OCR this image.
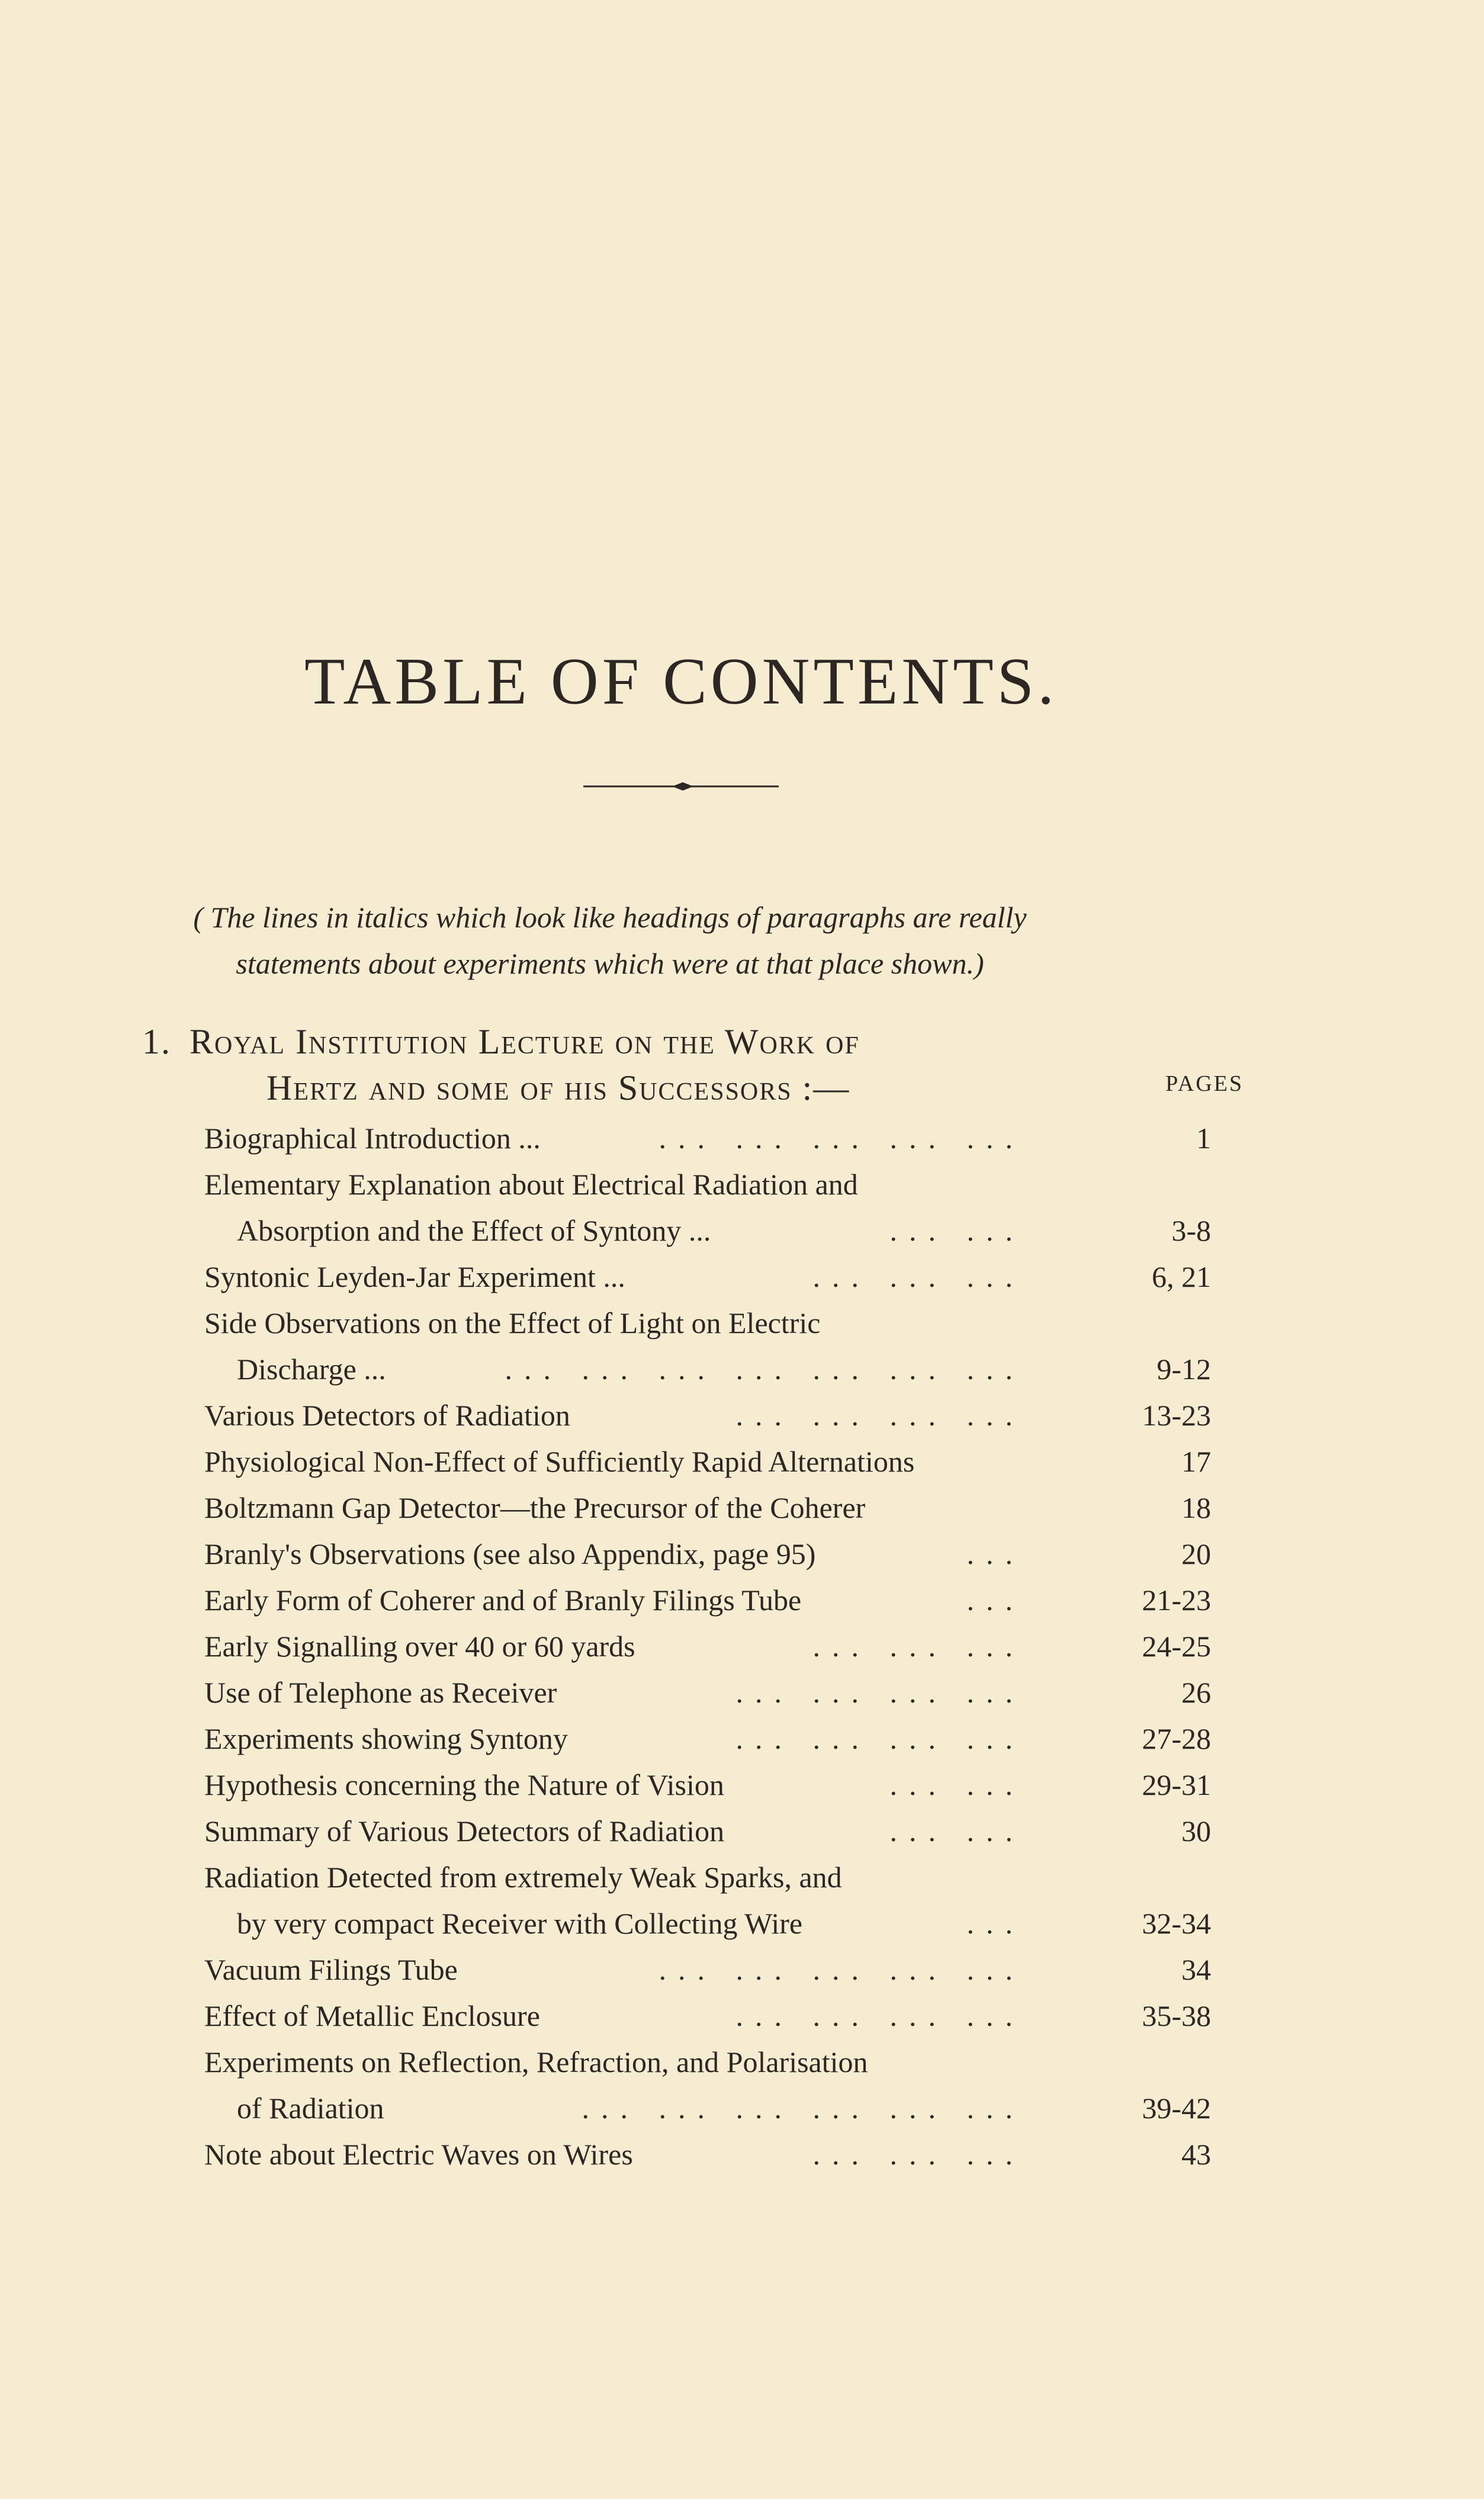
TABLE OF CONTENTS.
( The lines in italics which look like headings of paragraphs are really statements about experiments which were at that place shown.)
1. Royal Institution Lecture on the Work of
Hertz and some of his Successors :—	PAGES
Biographical Introduction ...	... ... ... ... ...	1
Elementary Explanation about Electrical Radiation and
Absorption and the Effect of Syntony ...	... ...	3-8
Syntonic Leyden-Jar Experiment ...	... ... ...	6, 21
Side Observations on the Effect of Light on Electric
Discharge ...	... ... ... ... ... ... ...	9-12
Various Detectors of Radiation	... ... ... ...	13-23
Physiological Non-Effect of Sufficiently Rapid Alternations	17
Boltzmann Gap Detector—the Precursor of the Coherer	18
Branly's Observations (see also Appendix, page 95)	...	20
Early Form of Coherer and of Branly Filings Tube	...	21-23
Early Signalling over 40 or 60 yards	... ... ...	24-25
Use of Telephone as Receiver	... ... ... ...	26
Experiments showing Syntony	... ... ... ...	27-28
Hypothesis concerning the Nature of Vision	... ...	29-31
Summary of Various Detectors of Radiation	... ...	30
Radiation Detected from extremely Weak Sparks, and
by very compact Receiver with Collecting Wire	...	32-34
Vacuum Filings Tube	... ... ... ... ...	34
Effect of Metallic Enclosure	... ... ... ...	35-38
Experiments on Reflection, Refraction, and Polarisation
of Radiation	... ... ... ... ... ...	39-42
Note about Electric Waves on Wires	... ... ...	43
